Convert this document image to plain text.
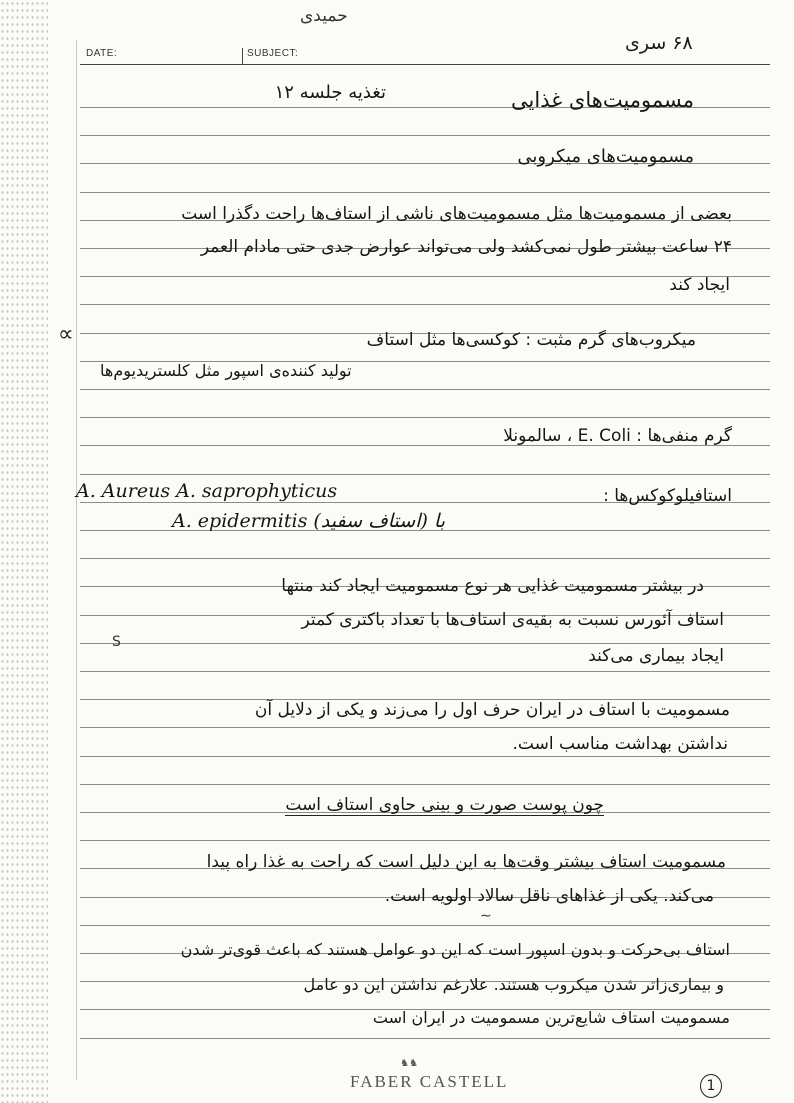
حمیدی
۶۸ سری
DATE:	SUBJECT:
∝
تغذیه جلسه ۱۲	مسمومیت‌های غذایی
مسمومیت‌های میکروبی
بعضی از مسمومیت‌ها مثل مسمومیت‌های ناشی از استاف‌ها راحت دگذرا است
۲۴ ساعت بیشتر طول نمی‌کشد ولی می‌تواند عوارض جدی حتی مادام العمر
ایجاد کند
میکروب‌های گرم مثبت : کوکسی‌ها مثل استاف
تولید کننده‌ی اسپور مثل کلستریدیوم‌ها
گرم منفی‌ها : E. Coli ، سالمونلا
استافیلوکوکس‌ها :
A. Aureus A. saprophyticus
A. epidermitis با (استاف سفید)
در بیشتر مسمومیت غذایی هر نوع مسمومیت ایجاد کند منتها
استاف آئورس نسبت به بقیه‌ی استاف‌ها با تعداد باکتری کمتر
ایجاد بیماری می‌کند
S
مسمومیت با استاف در ایران حرف اول را می‌زند و یکی از دلایل آن
نداشتن بهداشت مناسب است.
چون پوست صورت و بینی حاوی استاف است
مسمومیت استاف بیشتر وقت‌ها به این دلیل است که راحت به غذا راه پیدا
می‌کند. یکی از غذاهای ناقل سالاد اولویه است.
∼
استاف بی‌حرکت و بدون اسپور است که این دو عوامل هستند که باعث قوی‌تر شدن
و بیماری‌زاتر شدن میکروب هستند. علارغم نداشتن این دو عامل
مسمومیت استاف شایع‌ترین مسمومیت در ایران است
♞♞
FABER CASTELL	1
